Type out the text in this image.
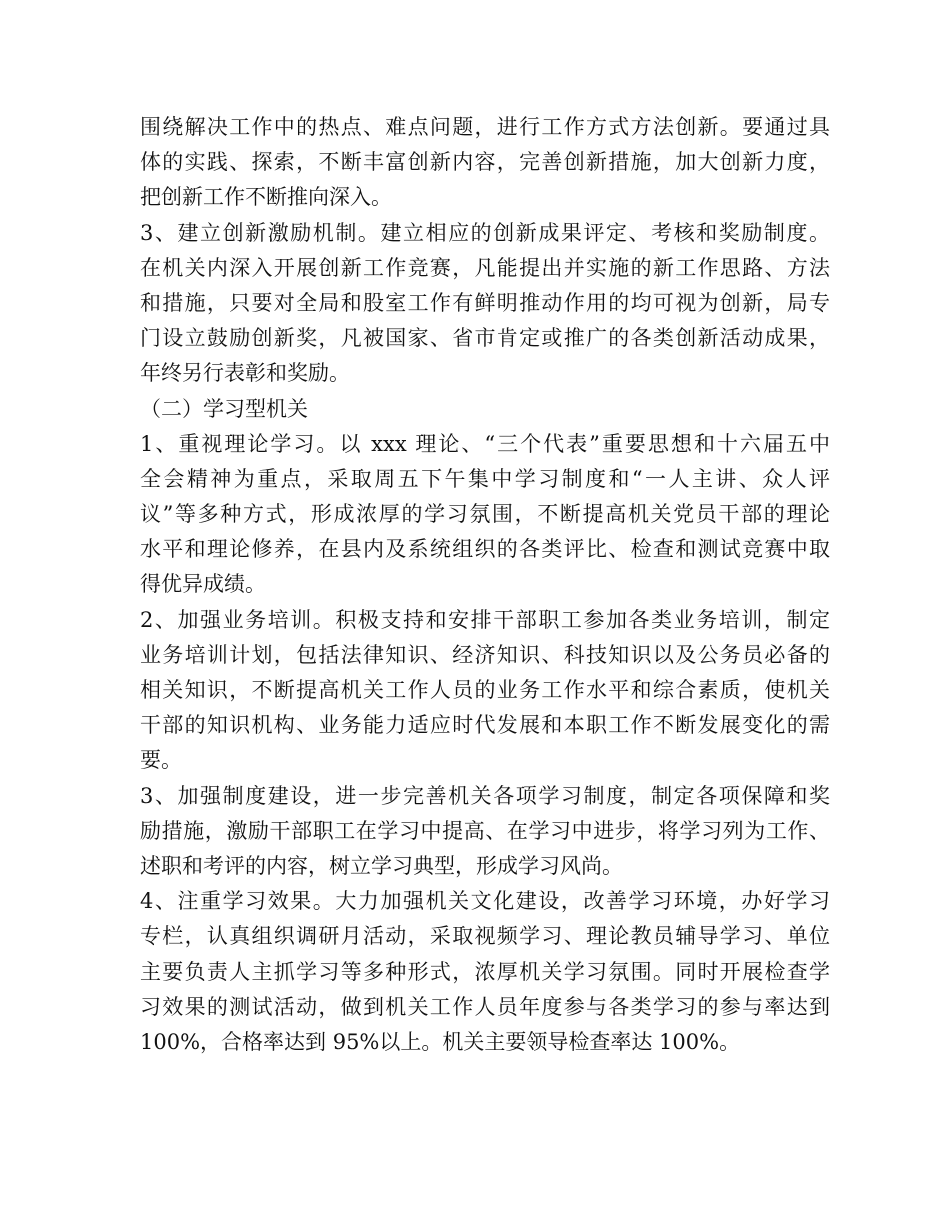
围绕解决工作中的热点、难点问题，进行工作方式方法创新。要通过具
体的实践、探索，不断丰富创新内容，完善创新措施，加大创新力度，
把创新工作不断推向深入。
3、建立创新激励机制。建立相应的创新成果评定、考核和奖励制度。
在机关内深入开展创新工作竞赛，凡能提出并实施的新工作思路、方法
和措施，只要对全局和股室工作有鲜明推动作用的均可视为创新，局专
门设立鼓励创新奖，凡被国家、省市肯定或推广的各类创新活动成果，
年终另行表彰和奖励。
（二）学习型机关
1、重视理论学习。以 xxx 理论、“三个代表”重要思想和十六届五中
全会精神为重点，采取周五下午集中学习制度和“一人主讲、众人评
议”等多种方式，形成浓厚的学习氛围，不断提高机关党员干部的理论
水平和理论修养，在县内及系统组织的各类评比、检查和测试竞赛中取
得优异成绩。
2、加强业务培训。积极支持和安排干部职工参加各类业务培训，制定
业务培训计划，包括法律知识、经济知识、科技知识以及公务员必备的
相关知识，不断提高机关工作人员的业务工作水平和综合素质，使机关
干部的知识机构、业务能力适应时代发展和本职工作不断发展变化的需
要。
3、加强制度建设，进一步完善机关各项学习制度，制定各项保障和奖
励措施，激励干部职工在学习中提高、在学习中进步，将学习列为工作、
述职和考评的内容，树立学习典型，形成学习风尚。
4、注重学习效果。大力加强机关文化建设，改善学习环境，办好学习
专栏，认真组织调研月活动，采取视频学习、理论教员辅导学习、单位
主要负责人主抓学习等多种形式，浓厚机关学习氛围。同时开展检查学
习效果的测试活动，做到机关工作人员年度参与各类学习的参与率达到
100%，合格率达到 95%以上。机关主要领导检查率达 100%。
